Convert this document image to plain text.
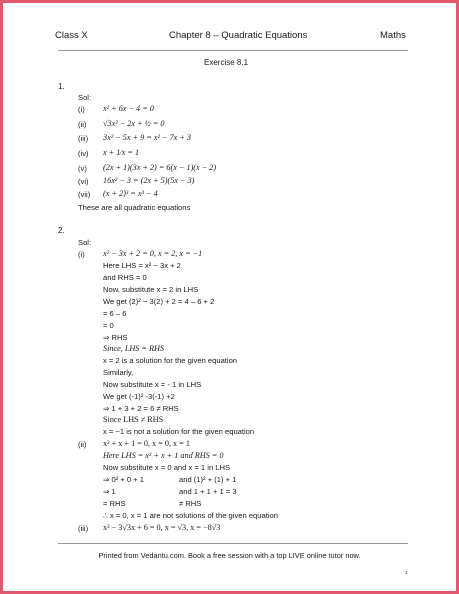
Class X	Chapter 8 – Quadratic Equations	Maths
Exercise 8.1
1.
Sol:
(i) x² + 6x − 4 = 0
(ii) √3x² − 2x + ½ = 0
(iii) 3x² − 5x + 9 = x² − 7x + 3
(iv) x + 1⁄x = 1
(v) (2x + 1)(3x + 2) = 6(x − 1)(x − 2)
(vi) 16x² − 3 = (2x + 5)(5x − 3)
(vii) (x + 2)³ = x³ − 4
These are all quadratic equations
2.
Sol:
(i) x² − 3x + 2 = 0, x = 2, x = −1
Here LHS = x² − 3x + 2
and RHS = 0
Now, substitute x = 2 in LHS
We get (2)² − 3(2) + 2 = 4 – 6 + 2
= 6 – 6
= 0
⇒ RHS
Since, LHS = RHS
x = 2 is a solution for the given equation
Similarly,
Now substitute x = - 1 in LHS
We get (-1)² -3(-1) +2
⇒ 1 + 3 + 2 = 6 ≠ RHS
Since LHS ≠ RHS
x = −1 is not a solution for the given equation
(ii) x² + x + 1 = 0, x = 0, x = 1
Here LHS = x² + x + 1 and RHS = 0
Now substitute x = 0 and x = 1 in LHS
⇒ 0² + 0 + 1	and (1)² + (1) + 1
⇒ 1	and 1 + 1 + 1 = 3
= RHS	≠ RHS
∴ x = 0, x = 1 are not solutions of the given equation
(iii) x² − 3√3x + 6 = 0, x = √3, x = −8√3
Printed from Vedantu.com. Book a free session with a top LIVE online tutor now.
1
